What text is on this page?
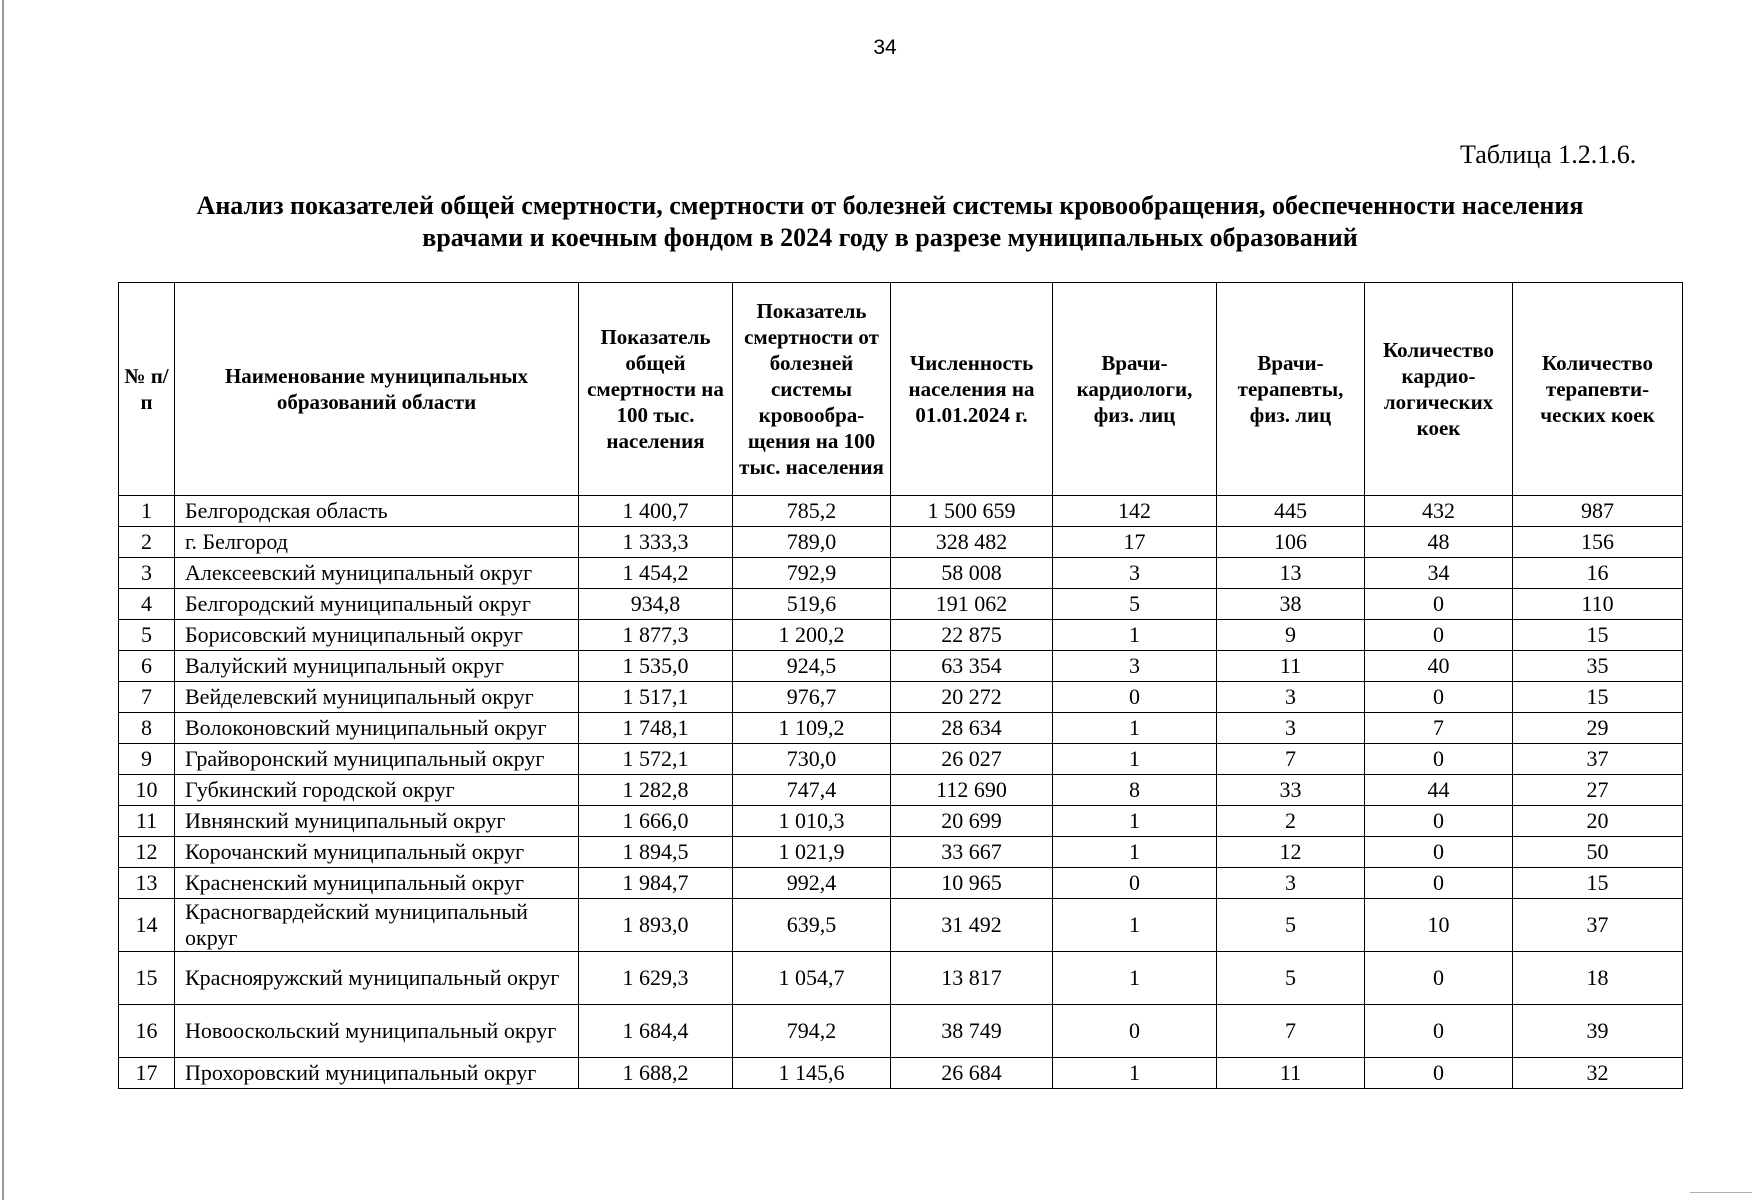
34
Таблица 1.2.1.6.
Анализ показателей общей смертности, смертности от болезней системы кровообращения, обеспеченности населения
врачами и коечным фондом в 2024 году в разрезе муниципальных образований
№ п/п	Наименование муниципальных образований области	Показатель общей смертности на 100 тыс. населения	Показатель смертности от болезней системы кровообра-щения на 100 тыс. населения	Численность населения на 01.01.2024 г.	Врачи-кардиологи, физ. лиц	Врачи-терапевты, физ. лиц	Количество кардио-логических коек	Количество терапевти-ческих коек
1	Белгородская область	1 400,7	785,2	1 500 659	142	445	432	987
2	г. Белгород	1 333,3	789,0	328 482	17	106	48	156
3	Алексеевский муниципальный округ	1 454,2	792,9	58 008	3	13	34	16
4	Белгородский муниципальный округ	934,8	519,6	191 062	5	38	0	110
5	Борисовский муниципальный округ	1 877,3	1 200,2	22 875	1	9	0	15
6	Валуйский муниципальный округ	1 535,0	924,5	63 354	3	11	40	35
7	Вейделевский муниципальный округ	1 517,1	976,7	20 272	0	3	0	15
8	Волоконовский муниципальный округ	1 748,1	1 109,2	28 634	1	3	7	29
9	Грайворонский муниципальный округ	1 572,1	730,0	26 027	1	7	0	37
10	Губкинский городской округ	1 282,8	747,4	112 690	8	33	44	27
11	Ивнянский муниципальный округ	1 666,0	1 010,3	20 699	1	2	0	20
12	Корочанский муниципальный округ	1 894,5	1 021,9	33 667	1	12	0	50
13	Красненский муниципальный округ	1 984,7	992,4	10 965	0	3	0	15
14	Красногвардейский муниципальный округ	1 893,0	639,5	31 492	1	5	10	37
15	Краснояружский муниципальный округ	1 629,3	1 054,7	13 817	1	5	0	18
16	Новооскольский муниципальный округ	1 684,4	794,2	38 749	0	7	0	39
17	Прохоровский муниципальный округ	1 688,2	1 145,6	26 684	1	11	0	32
